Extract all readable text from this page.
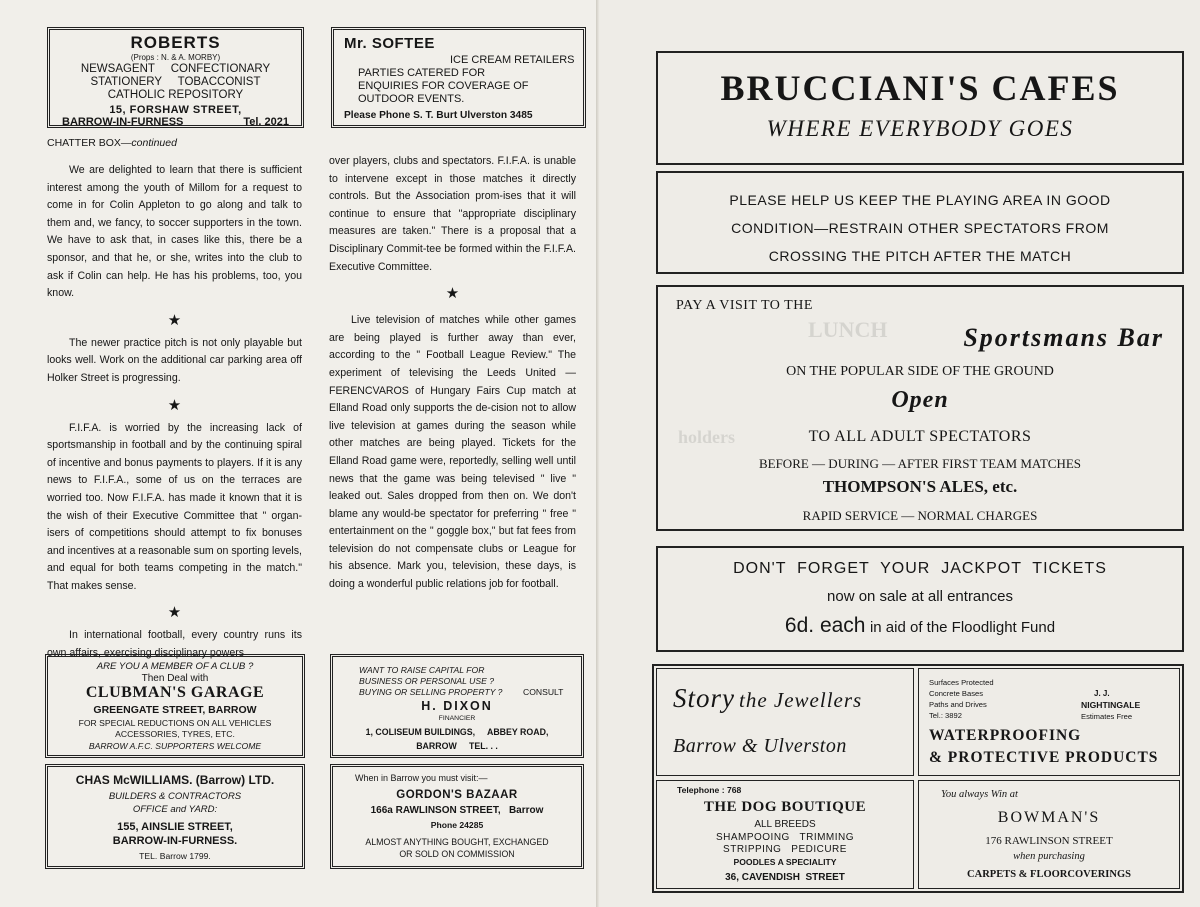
ROBERTS
(Props : N. & A. MORBY)
NEWSAGENT     CONFECTIONARY
STATIONERY     TOBACCONIST
CATHOLIC REPOSITORY
15, FORSHAW STREET,
BARROW-IN-FURNESS	Tel. 2021
Mr. SOFTEE
ICE CREAM RETAILERS
PARTIES CATERED FOR
ENQUIRIES FOR COVERAGE OF
OUTDOOR EVENTS.
Please Phone S. T. Burt Ulverston 3485
CHATTER BOX—continued

We are delighted to learn that there is sufficient interest among the youth of Millom for a request to come in for Colin Appleton to go along and talk to them and, we fancy, to soccer supporters in the town. We have to ask that, in cases like this, there be a sponsor, and that he, or she, writes into the club to ask if Colin can help. He has his problems, too, you know.

★

The newer practice pitch is not only playable but looks well. Work on the additional car parking area off Holker Street is progressing.

★

F.I.F.A. is worried by the increasing lack of sportsmanship in football and by the continuing spiral of incentive and bonus payments to players. If it is any news to F.I.F.A., some of us on the terraces are worried too. Now F.I.F.A. has made it known that it is the wish of their Executive Committee that " organ-isers of competitions should attempt to fix bonuses and incentives at a reasonable sum on sporting levels, and equal for both teams competing in the match." That makes sense.

★

In international football, every country runs its own affairs, exercising disciplinary powers

over players, clubs and spectators. F.I.F.A. is unable to intervene except in those matches it directly controls. But the Association prom-ises that it will continue to ensure that "appropriate disciplinary measures are taken." There is a proposal that a Disciplinary Commit-tee be formed within the F.I.F.A. Executive Committee.

★

Live television of matches while other games are being played is further away than ever, according to the " Football League Review." The experiment of televising the Leeds United —FERENCVAROS of Hungary Fairs Cup match at Elland Road only supports the de-cision not to allow live television at games during the season while other matches are being played. Tickets for the Elland Road game were, reportedly, selling well until news that the game was being televised " live " leaked out. Sales dropped from then on. We don't blame any would-be spectator for preferring " free " entertainment on the " goggle box," but fat fees from television do not compensate clubs or League for his absence. Mark you, television, these days, is doing a wonderful public relations job for football.

ARE YOU A MEMBER OF A CLUB ?
Then Deal with
CLUBMAN'S GARAGE
GREENGATE STREET, BARROW
FOR SPECIAL REDUCTIONS ON ALL VEHICLES
ACCESSORIES, TYRES, ETC.
BARROW A.F.C. SUPPORTERS WELCOME
WANT TO RAISE CAPITAL FOR
BUSINESS OR PERSONAL USE ?
BUYING OR SELLING PROPERTY ? CONSULT
H. DIXON
FINANCIER
1, COLISEUM BUILDINGS,     ABBEY ROAD,
BARROW     TEL. . .
CHAS McWILLIAMS. (Barrow) LTD.
BUILDERS & CONTRACTORS
OFFICE and YARD:
155, AINSLIE STREET,
BARROW-IN-FURNESS.
TEL. Barrow 1799.
When in Barrow you must visit:—
GORDON'S BAZAAR
166a RAWLINSON STREET,   Barrow
Phone 24285
ALMOST ANYTHING BOUGHT, EXCHANGED
OR SOLD ON COMMISSION
BRUCCIANI'S CAFES
WHERE EVERYBODY GOES
PLEASE HELP US KEEP THE PLAYING AREA IN GOOD
CONDITION—RESTRAIN OTHER SPECTATORS FROM
CROSSING THE PITCH AFTER THE MATCH
LUNCH
holders
PAY A VISIT TO THE
Sportsmans Bar
ON THE POPULAR SIDE OF THE GROUND
Open
TO ALL ADULT SPECTATORS
BEFORE — DURING — AFTER FIRST TEAM MATCHES
THOMPSON'S ALES, etc.
RAPID SERVICE — NORMAL CHARGES
DON'T  FORGET  YOUR  JACKPOT  TICKETS
now on sale at all entrances
6d. each in aid of the Floodlight Fund
Story the Jewellers
Barrow & Ulverston
Surfaces Protected
Concrete Bases
Paths and Drives
Tel.: 3892
J. J.
NIGHTINGALE
Estimates Free
WATERPROOFING
& PROTECTIVE PRODUCTS
Telephone : 768
THE DOG BOUTIQUE
ALL BREEDS
SHAMPOOING   TRIMMING
STRIPPING   PEDICURE
POODLES A SPECIALITY
36, CAVENDISH  STREET
You always Win at
BOWMAN'S
176 RAWLINSON STREET
when purchasing
CARPETS & FLOORCOVERINGS
